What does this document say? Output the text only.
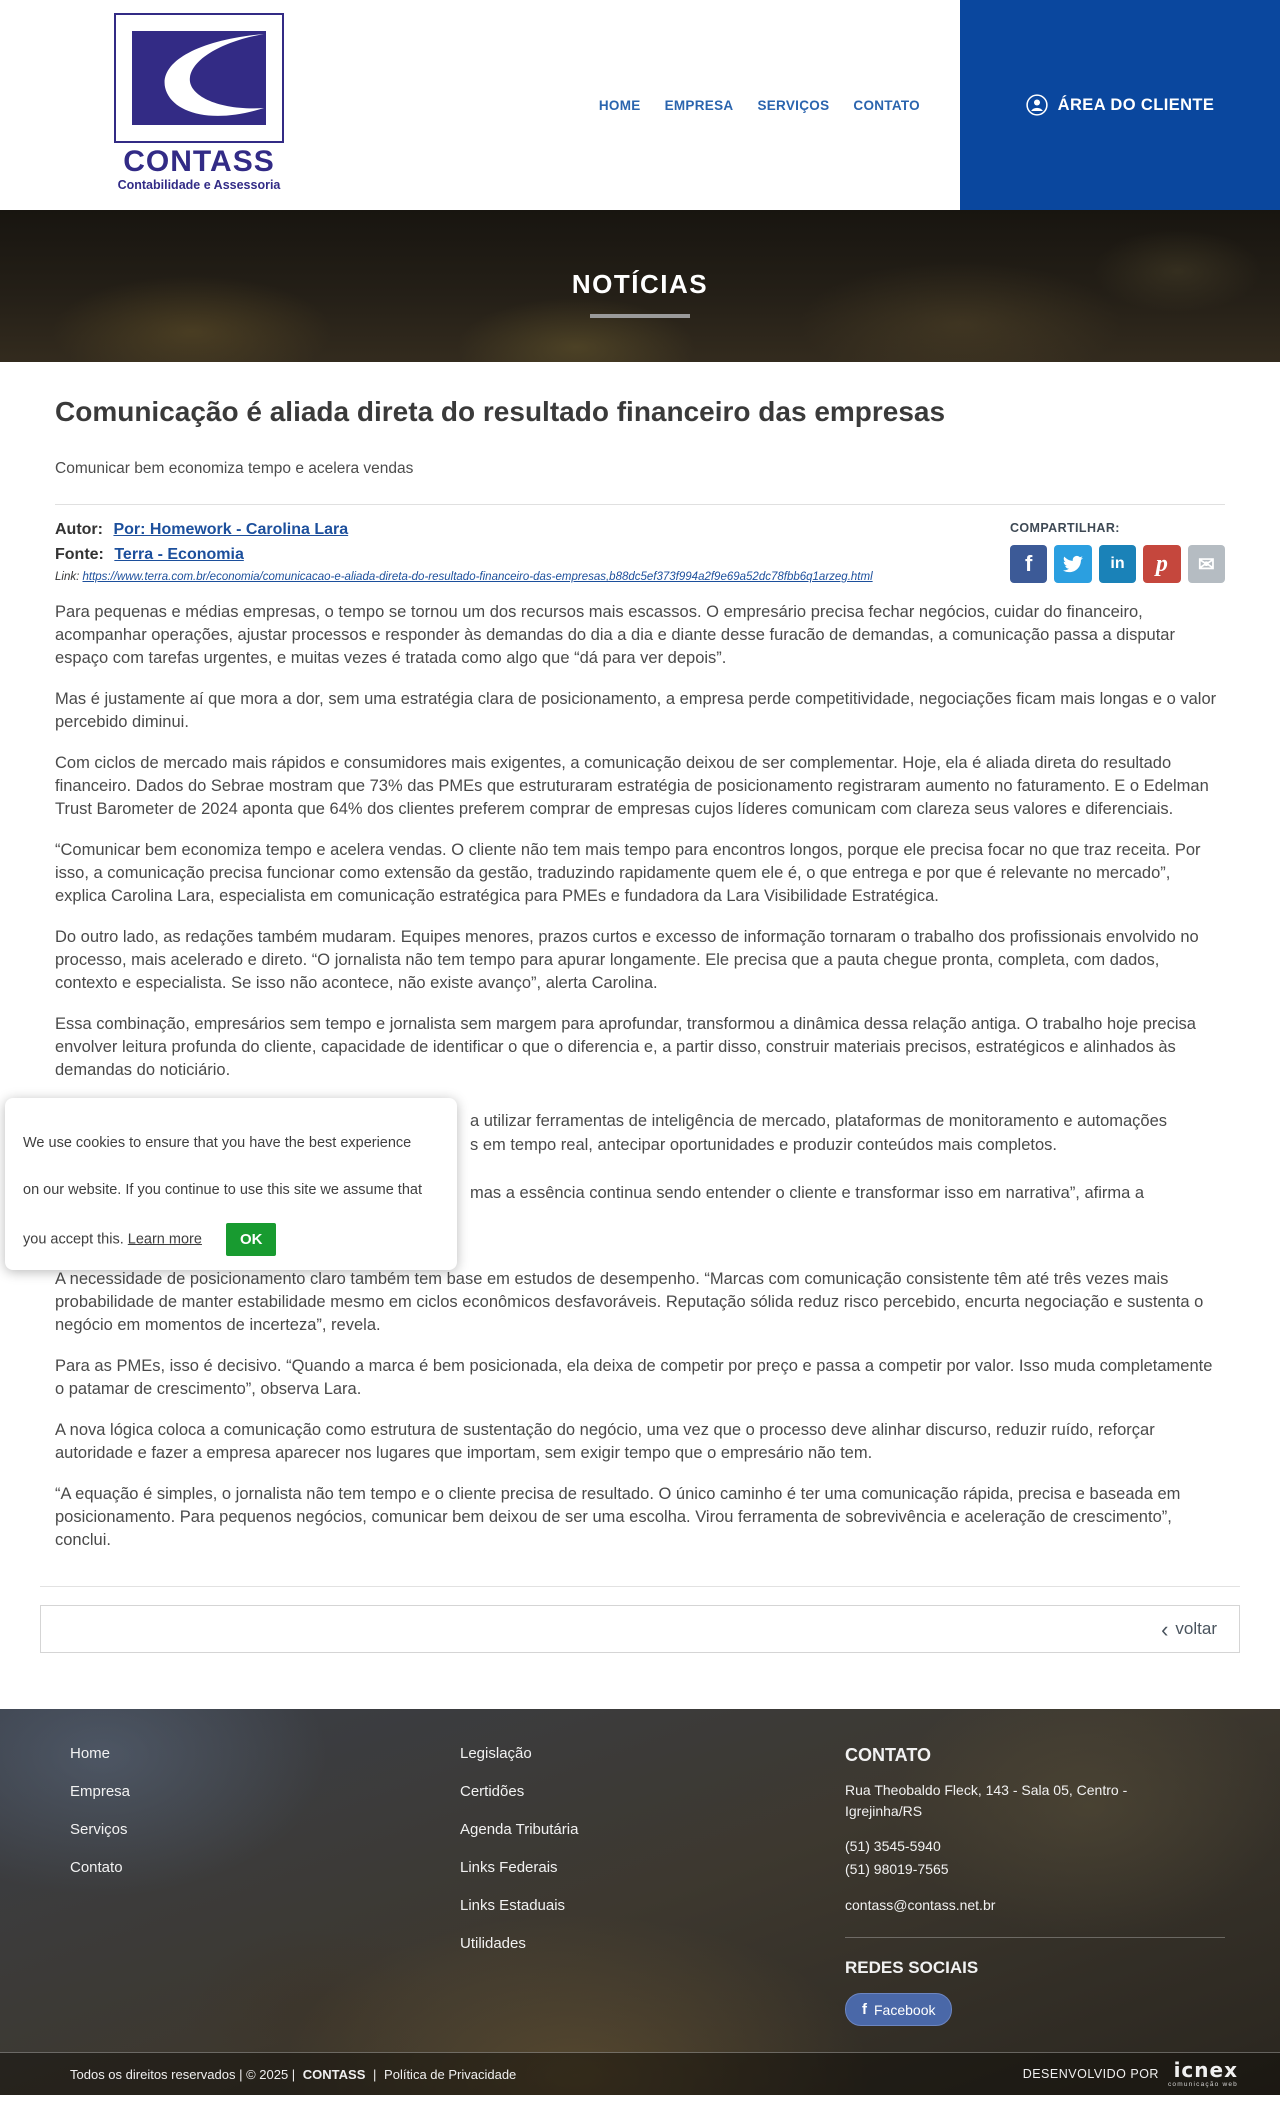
CONTASS
Contabilidade e Assessoria
HOME EMPRESA SERVIÇOS CONTATO	ÁREA DO CLIENTE
NOTÍCIAS
Comunicação é aliada direta do resultado financeiro das empresas

Comunicar bem economiza tempo e acelera vendas

Autor: Por: Homework - Carolina Lara
Fonte: Terra - Economia
Link: https://www.terra.com.br/economia/comunicacao-e-aliada-direta-do-resultado-financeiro-das-empresas,b88dc5ef373f994a2f9e69a52dc78fbb6q1arzeg.html
COMPARTILHAR:
f	in p ✉

Para pequenas e médias empresas, o tempo se tornou um dos recursos mais escassos. O empresário precisa fechar negócios, cuidar do financeiro, acompanhar operações, ajustar processos e responder às demandas do dia a dia e diante desse furacão de demandas, a comunicação passa a disputar espaço com tarefas urgentes, e muitas vezes é tratada como algo que “dá para ver depois”.

Mas é justamente aí que mora a dor, sem uma estratégia clara de posicionamento, a empresa perde competitividade, negociações ficam mais longas e o valor percebido diminui.

Com ciclos de mercado mais rápidos e consumidores mais exigentes, a comunicação deixou de ser complementar. Hoje, ela é aliada direta do resultado financeiro. Dados do Sebrae mostram que 73% das PMEs que estruturaram estratégia de posicionamento registraram aumento no faturamento. E o Edelman Trust Barometer de 2024 aponta que 64% dos clientes preferem comprar de empresas cujos líderes comunicam com clareza seus valores e diferenciais.

“Comunicar bem economiza tempo e acelera vendas. O cliente não tem mais tempo para encontros longos, porque ele precisa focar no que traz receita. Por isso, a comunicação precisa funcionar como extensão da gestão, traduzindo rapidamente quem ele é, o que entrega e por que é relevante no mercado”, explica Carolina Lara, especialista em comunicação estratégica para PMEs e fundadora da Lara Visibilidade Estratégica.

Do outro lado, as redações também mudaram. Equipes menores, prazos curtos e excesso de informação tornaram o trabalho dos profissionais envolvido no processo, mais acelerado e direto. “O jornalista não tem tempo para apurar longamente. Ele precisa que a pauta chegue pronta, completa, com dados, contexto e especialista. Se isso não acontece, não existe avanço”, alerta Carolina.

Essa combinação, empresários sem tempo e jornalista sem margem para aprofundar, transformou a dinâmica dessa relação antiga. O trabalho hoje precisa envolver leitura profunda do cliente, capacidade de identificar o que o diferencia e, a partir disso, construir materiais precisos, estratégicos e alinhados às demandas do noticiário.

a utilizar ferramentas de inteligência de mercado, plataformas de monitoramento e automações
s em tempo real, antecipar oportunidades e produzir conteúdos mais completos.
mas a essência continua sendo entender o cliente e transformar isso em narrativa”, afirma a

We use cookies to ensure that you have the best experience

on our website. If you continue to use this site we assume that

you accept this. Learn more	OK

A necessidade de posicionamento claro também tem base em estudos de desempenho. “Marcas com comunicação consistente têm até três vezes mais probabilidade de manter estabilidade mesmo em ciclos econômicos desfavoráveis. Reputação sólida reduz risco percebido, encurta negociação e sustenta o negócio em momentos de incerteza”, revela.

Para as PMEs, isso é decisivo. “Quando a marca é bem posicionada, ela deixa de competir por preço e passa a competir por valor. Isso muda completamente o patamar de crescimento”, observa Lara.

A nova lógica coloca a comunicação como estrutura de sustentação do negócio, uma vez que o processo deve alinhar discurso, reduzir ruído, reforçar autoridade e fazer a empresa aparecer nos lugares que importam, sem exigir tempo que o empresário não tem.

“A equação é simples, o jornalista não tem tempo e o cliente precisa de resultado. O único caminho é ter uma comunicação rápida, precisa e baseada em posicionamento. Para pequenos negócios, comunicar bem deixou de ser uma escolha. Virou ferramenta de sobrevivência e aceleração de crescimento”, conclui.

‹ voltar
Home
Empresa
Serviços
Contato
Legislação
Certidões
Agenda Tributária
Links Federais
Links Estaduais
Utilidades
CONTATO
Rua Theobaldo Fleck, 143 - Sala 05, Centro -
Igrejinha/RS
(51) 3545-5940
(51) 98019-7565
contass@contass.net.br
REDES SOCIAIS
f Facebook
Todos os direitos reservados | © 2025 | CONTASS | Política de Privacidade	DESENVOLVIDO POR icnex
comunicação web
